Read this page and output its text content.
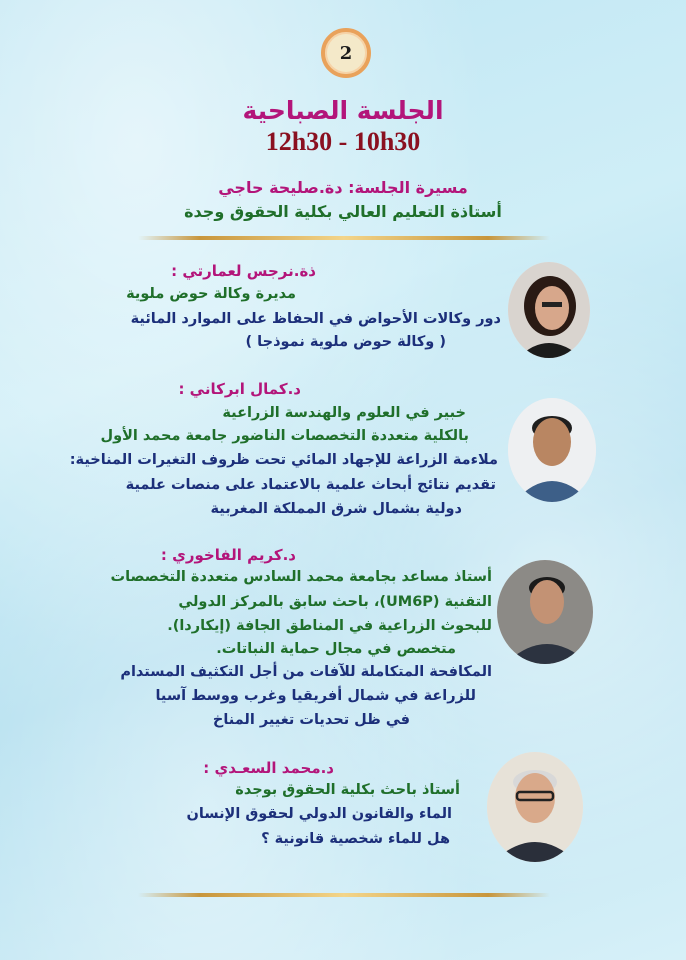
2
الجلسة الصباحية
12h30 - 10h30
مسيرة الجلسة: دة.صليحة حاجي
أستاذة التعليم العالي بكلية الحقوق وجدة
ذة.نرجس لعمارتي :
مديرة وكالة حوض ملوية
دور وكالات الأحواض في الحفاظ على الموارد المائية
( وكالة حوض ملوية نموذجا )
د.كمال ابركاني :
خبير في العلوم والهندسة الزراعية
بالكلية متعددة التخصصات الناضور جامعة محمد الأول
ملاءمة الزراعة للإجهاد المائي تحت ظروف التغيرات المناخية:
تقديم نتائج أبحاث علمية بالاعتماد على منصات علمية
دولية بشمال شرق المملكة المغربية
د.كريم الفاخوري :
أستاذ مساعد بجامعة محمد السادس متعددة التخصصات
التقنية (UM6P)، باحث سابق بالمركز الدولي
للبحوث الزراعية في المناطق الجافة (إيكاردا).
متخصص في مجال حماية النباتات.
المكافحة المتكاملة للآفات من أجل التكثيف المستدام
للزراعة في شمال أفريقيا وغرب ووسط آسيا
في ظل تحديات تغيير المناخ
د.محمد السعـدي :
أستاذ باحث بكلية الحقوق بوجدة
الماء والقانون الدولي لحقوق الإنسان
هل للماء شخصية قانونية ؟
